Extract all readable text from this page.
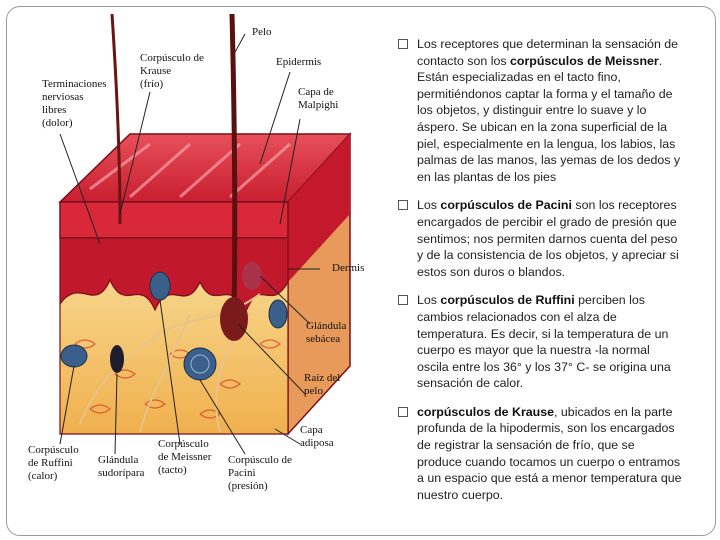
Pelo
Corpúsculo de
Krause
(frío)
Terminaciones
nerviosas
libres
(dolor)
Epidermis
Capa de
Malpighi
Dermis
Glándula
sebácea
Raíz del
pelo
Capa
adiposa
Corpúsculo
de Ruffini
(calor)
Glándula
sudorípara
Corpúsculo
de Meissner
(tacto)
Corpúsculo de
Pacini
(presión)
Los receptores que determinan la sensación de contacto son los corpúsculos de Meissner. Están especializadas en el tacto fino, permitiéndonos captar la forma y el tamaño de los objetos, y distinguir entre lo suave y lo áspero. Se ubican en la zona superficial de la piel, especialmente en la lengua, los labios, las palmas de las manos, las yemas de los dedos y en las plantas de los pies
Los corpúsculos de Pacini son los receptores encargados de percibir el grado de presión que sentimos; nos permiten darnos cuenta del peso y de la consistencia de los objetos, y apreciar si estos son duros o blandos.
Los corpúsculos de Ruffini perciben los cambios relacionados con el alza de temperatura. Es decir, si la temperatura de un cuerpo es mayor que la nuestra -la normal oscila entre los 36° y los 37° C- se origina una sensación de calor.
corpúsculos de Krause, ubicados en la parte profunda de la hipodermis, son los encargados de registrar la sensación de frío, que se produce cuando tocamos un cuerpo o entramos a un espacio que está a menor temperatura que nuestro cuerpo.
